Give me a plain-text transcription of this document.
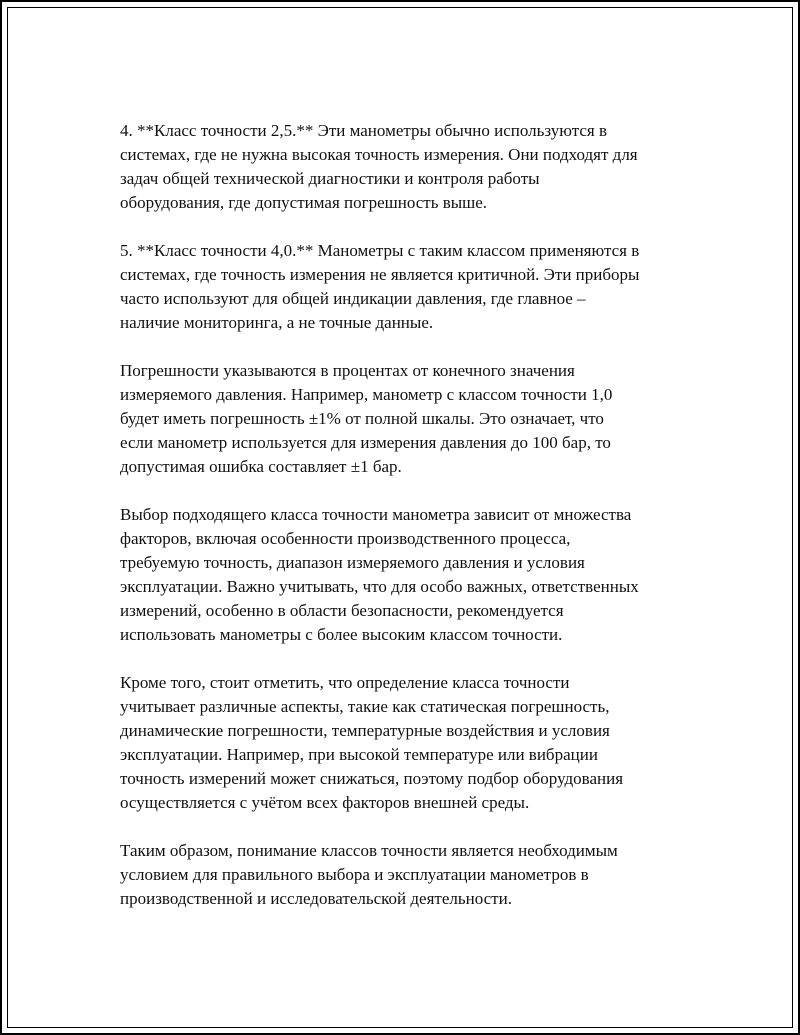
4. **Класс точности 2,5.** Эти манометры обычно используются в
системах, где не нужна высокая точность измерения. Они подходят для
задач общей технической диагностики и контроля работы
оборудования, где допустимая погрешность выше.

5. **Класс точности 4,0.** Манометры с таким классом применяются в
системах, где точность измерения не является критичной. Эти приборы
часто используют для общей индикации давления, где главное –
наличие мониторинга, а не точные данные.

Погрешности указываются в процентах от конечного значения
измеряемого давления. Например, манометр с классом точности 1,0
будет иметь погрешность ±1% от полной шкалы. Это означает, что
если манометр используется для измерения давления до 100 бар, то
допустимая ошибка составляет ±1 бар.

Выбор подходящего класса точности манометра зависит от множества
факторов, включая особенности производственного процесса,
требуемую точность, диапазон измеряемого давления и условия
эксплуатации. Важно учитывать, что для особо важных, ответственных
измерений, особенно в области безопасности, рекомендуется
использовать манометры с более высоким классом точности.

Кроме того, стоит отметить, что определение класса точности
учитывает различные аспекты, такие как статическая погрешность,
динамические погрешности, температурные воздействия и условия
эксплуатации. Например, при высокой температуре или вибрации
точность измерений может снижаться, поэтому подбор оборудования
осуществляется с учётом всех факторов внешней среды.

Таким образом, понимание классов точности является необходимым
условием для правильного выбора и эксплуатации манометров в
производственной и исследовательской деятельности.
